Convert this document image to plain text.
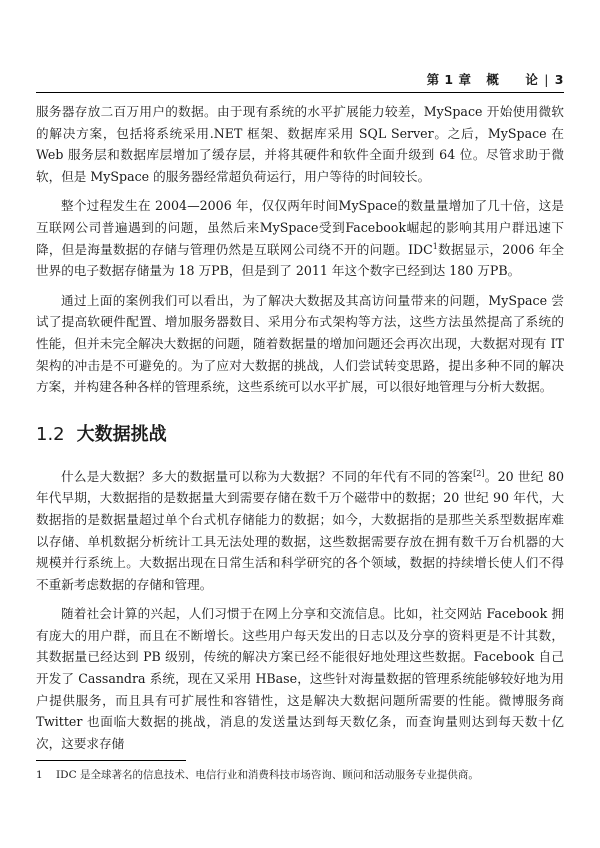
第 1 章 概　　论 | 3

服务器存放二百万用户的数据。由于现有系统的水平扩展能力较差，MySpace 开始使用微软的解决方案，包括将系统采用.NET 框架、数据库采用 SQL Server。之后，MySpace 在 Web 服务层和数据库层增加了缓存层，并将其硬件和软件全面升级到 64 位。尽管求助于微软，但是 MySpace 的服务器经常超负荷运行，用户等待的时间较长。

整个过程发生在 2004—2006 年，仅仅两年时间MySpace的数量量增加了几十倍，这是互联网公司普遍遇到的问题，虽然后来MySpace受到Facebook崛起的影响其用户群迅速下降，但是海量数据的存储与管理仍然是互联网公司绕不开的问题。IDC$^1$数据显示，2006 年全世界的电子数据存储量为 18 万PB，但是到了 2011 年这个数字已经到达 180 万PB。

通过上面的案例我们可以看出，为了解决大数据及其高访问量带来的问题，MySpace 尝试了提高软硬件配置、增加服务器数目、采用分布式架构等方法，这些方法虽然提高了系统的性能，但并未完全解决大数据的问题，随着数据量的增加问题还会再次出现，大数据对现有 IT 架构的冲击是不可避免的。为了应对大数据的挑战，人们尝试转变思路，提出多种不同的解决方案，并构建各种各样的管理系统，这些系统可以水平扩展，可以很好地管理与分析大数据。

1.2 大数据挑战

什么是大数据？多大的数据量可以称为大数据？不同的年代有不同的答案[2]。20 世纪 80 年代早期，大数据指的是数据量大到需要存储在数千万个磁带中的数据；20 世纪 90 年代，大数据指的是数据量超过单个台式机存储能力的数据；如今，大数据指的是那些关系型数据库难以存储、单机数据分析统计工具无法处理的数据，这些数据需要存放在拥有数千万台机器的大规模并行系统上。大数据出现在日常生活和科学研究的各个领域，数据的持续增长使人们不得不重新考虑数据的存储和管理。

随着社会计算的兴起，人们习惯于在网上分享和交流信息。比如，社交网站 Facebook 拥有庞大的用户群，而且在不断增长。这些用户每天发出的日志以及分享的资料更是不计其数，其数据量已经达到 PB 级别，传统的解决方案已经不能很好地处理这些数据。Facebook 自己开发了 Cassandra 系统，现在又采用 HBase，这些针对海量数据的管理系统能够较好地为用户提供服务，而且具有可扩展性和容错性，这是解决大数据问题所需要的性能。微博服务商 Twitter 也面临大数据的挑战，消息的发送量达到每天数亿条，而查询量则达到每天数十亿次，这要求存储

1 IDC 是全球著名的信息技术、电信行业和消费科技市场咨询、顾问和活动服务专业提供商。
